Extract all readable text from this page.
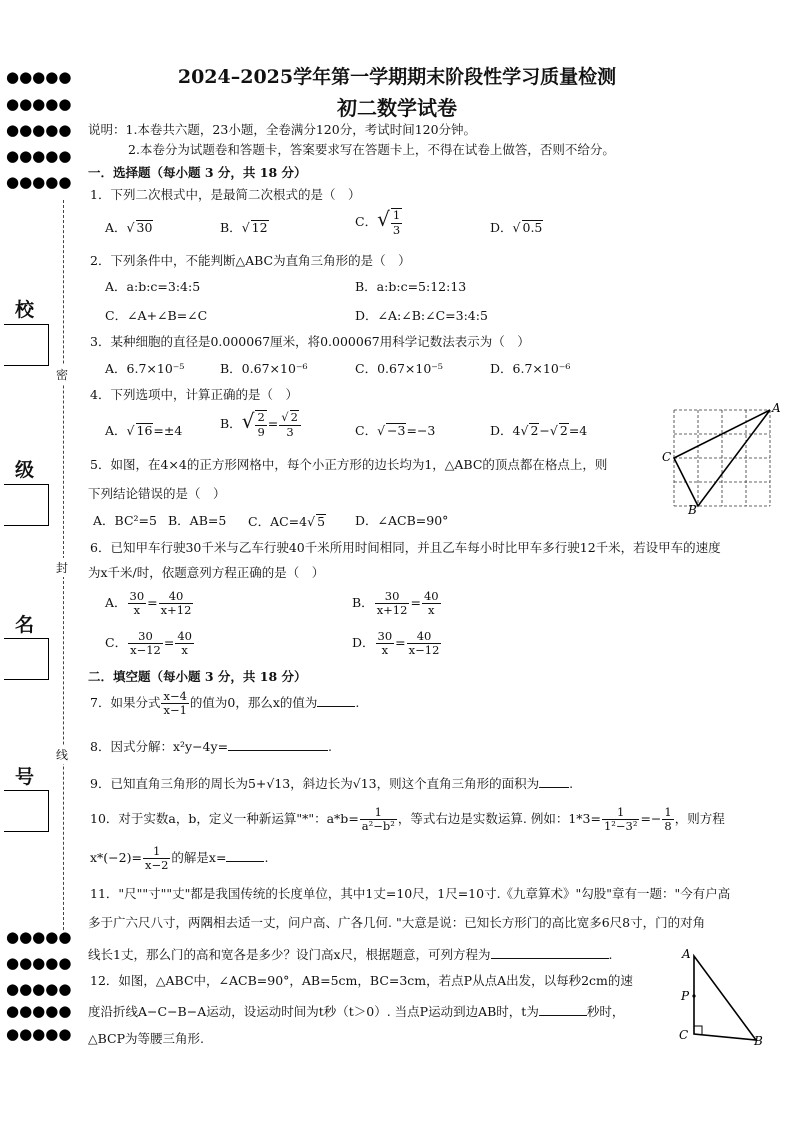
●●●●●
●●●●●
●●●●●
●●●●●
●●●●●
密
封
线
校
级
名
号
●●●●●
●●●●●
●●●●●
●●●●●
●●●●●
2024–2025学年第一学期期末阶段性学习质量检测
初二数学试卷
说明：1.本卷共六题，23小题，全卷满分120分，考试时间120分钟。
2.本卷分为试题卷和答题卡，答案要求写在答题卡上，不得在试卷上做答，否则不给分。
一．选择题（每小题 3 分，共 18 分）
1．下列二次根式中，是最简二次根式的是（　）
A．√ 30	B．√ 12	C．√ $\frac{1}{3}$	D．√ 0.5
2．下列条件中，不能判断△ABC为直角三角形的是（　）
A．a:b:c=3:4:5	B．a:b:c=5:12:13
C．∠A+∠B=∠C	D．∠A:∠B:∠C=3:4:5
3．某种细胞的直径是0.000067厘米，将0.000067用科学记数法表示为（　）
A．6.7×10⁻⁵	B．0.67×10⁻⁶	C．0.67×10⁻⁵	D．6.7×10⁻⁶
4．下列选项中，计算正确的是（　）
A．√ 16=±4	B．√ $\frac{2}{9} = \frac{√ 2}{3}$	C．√ −3=−3	D．4√ 2−√ 2=4
A
C
B
5．如图，在4×4的正方形网格中，每个小正方形的边长均为1，△ABC的顶点都在格点上，则
下列结论错误的是（　）
A．BC²=5 B．AB=5 C．AC=4√ 5 D．∠ACB=90°
6．已知甲车行驶30千米与乙车行驶40千米所用时间相同，并且乙车每小时比甲车多行驶12千米，若设甲车的速度
为x千米/时，依题意列方程正确的是（　）
A． $\frac{30}{x} = \frac{40}{x+12}$	B． $\frac{30}{x+12} = \frac{40}{x}$
C． $\frac{30}{x-12} = \frac{40}{x}$	D． $\frac{30}{x} = \frac{40}{x-12}$
二．填空题（每小题 3 分，共 18 分）
7．如果分式 $\frac{x-4}{x-1}$ 的值为0，那么x的值为	.
8．因式分解：x²y−4y=	.
9．已知直角三角形的周长为5+√13，斜边长为√13，则这个直角三角形的面积为 .
10．对于实数a，b，定义一种新运算"*"：$a*b= \frac{1}{\text{a²−b²}}$ ，等式右边是实数运算. 例如：$1*3= \frac{1}{\text{1²−3²}} =- \frac{1}{8}$ ，则方程
$x*(-2)= \frac{1}{x-2}$ 的解是x=	.
11．"尺""寸""丈"都是我国传统的长度单位，其中1丈=10尺，1尺=10寸.《九章算术》"勾股"章有一题："今有户高
多于广六尺八寸，两隅相去适一丈，问户高、广各几何. "大意是说：已知长方形门的高比宽多6尺8寸，门的对角
线长1丈，那么门的高和宽各是多少？设门高x尺，根据题意，可列方程为	.
12．如图，△ABC中，∠ACB=90°，AB=5cm，BC=3cm，若点P从点A出发，以每秒2cm的速
度沿折线A−C−B−A运动，设运动时间为t秒（t＞0）. 当点P运动到边AB时，t为	秒时，
△BCP为等腰三角形.
A
P
C	B
